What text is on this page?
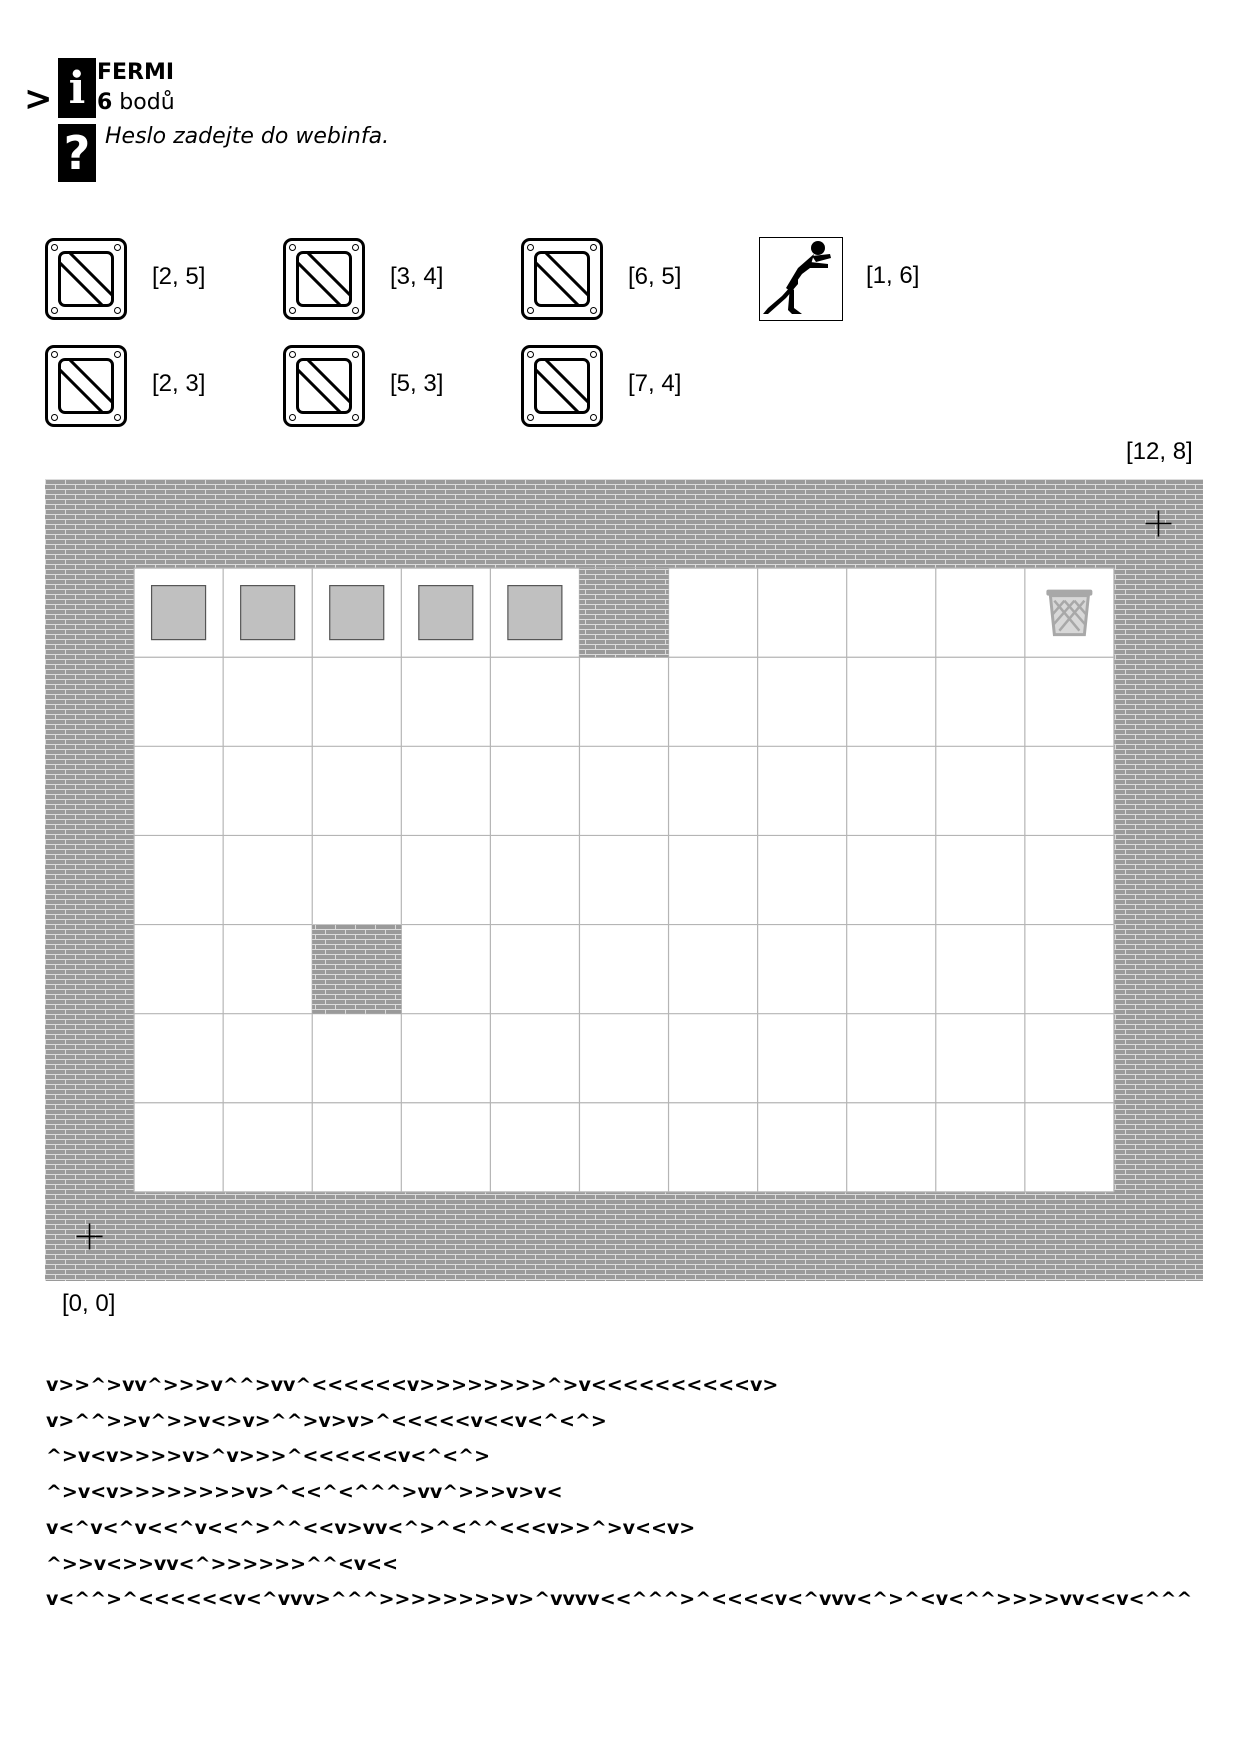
> i
?
FERMI
6 bodů
Heslo zadejte do webinfa.
[2, 5]	[3, 4]	[6, 5]
[2, 3]	[5, 3]	[7, 4]
[1, 6]
[12, 8]
[0, 0]
v>>^>vv^>>>v^^>vv^<<<<<<v>>>>>>>>^>v<<<<<<<<<<v>
v>^^>>v^>>v<>v>^^>v>v>^<<<<<v<<v<^<^>
^>v<v>>>>v>^v>>>^<<<<<<v<^<^>
^>v<v>>>>>>>>v>^<<^<^^^>vv^>>>v>v<
v<^v<^v<<^v<<^>^^<<v>vv<^>^<^^<<<v>>^>v<<v>
^>>v<>>vv<^>>>>>>^^<v<<
v<^^>^<<<<<<v<^vvv>^^^>>>>>>>>v>^vvvv<<^^^>^<<<<v<^vvv<^>^<v<^^>>>>vv<<v<^^^
